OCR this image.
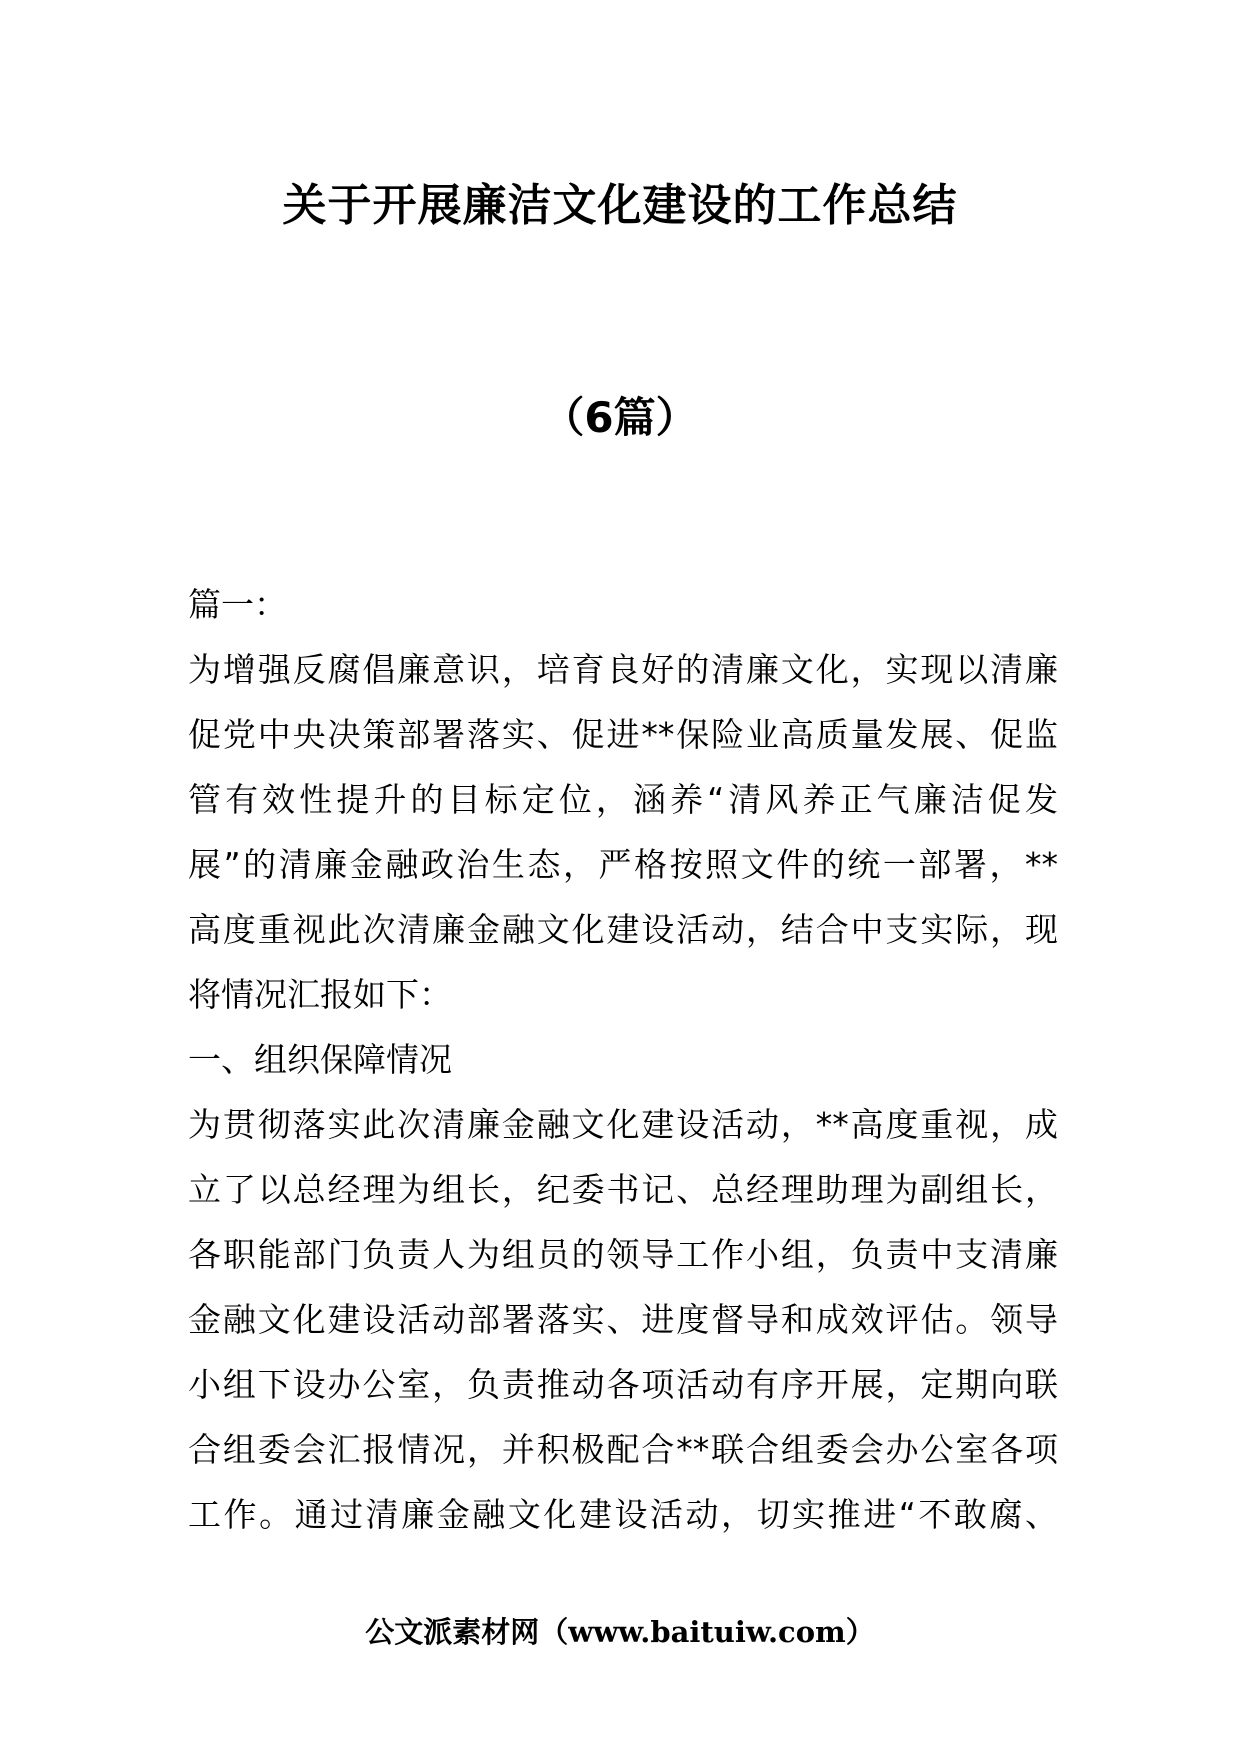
关于开展廉洁文化建设的工作总结
（6篇）
篇一：
为增强反腐倡廉意识，培育良好的清廉文化，实现以清廉
促党中央决策部署落实、促进**保险业高质量发展、促监
管有效性提升的目标定位，涵养“清风养正气廉洁促发
展”的清廉金融政治生态，严格按照文件的统一部署，**
高度重视此次清廉金融文化建设活动，结合中支实际，现
将情况汇报如下：
一、组织保障情况
为贯彻落实此次清廉金融文化建设活动，**高度重视，成
立了以总经理为组长，纪委书记、总经理助理为副组长，
各职能部门负责人为组员的领导工作小组，负责中支清廉
金融文化建设活动部署落实、进度督导和成效评估。领导
小组下设办公室，负责推动各项活动有序开展，定期向联
合组委会汇报情况，并积极配合**联合组委会办公室各项
工作。通过清廉金融文化建设活动，切实推进“不敢腐、
公文派素材网（www.baituiw.com）
